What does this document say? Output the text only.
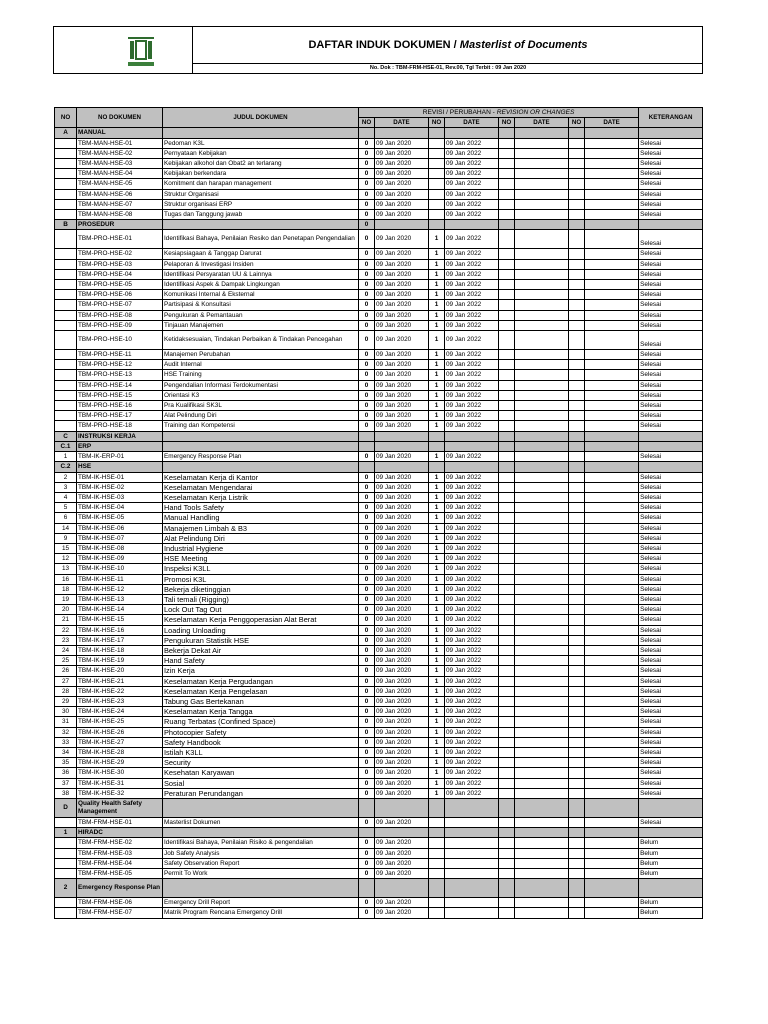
DAFTAR INDUK DOKUMEN / Masterlist of Documents
No. Dok : TBM-FRM-HSE-01, Rev.00, Tgl Terbit : 09 Jan 2020
NO	NO DOKUMEN	JUDUL DOKUMEN	REVISI / PERUBAHAN - REVISION OR CHANGES								KETERANGAN
			NO	DATE	NO	DATE	NO	DATE	NO	DATE	
A	MANUAL										
	TBM-MAN-HSE-01	Pedoman K3L	0	09 Jan 2020		09 Jan 2022					Selesai
	TBM-MAN-HSE-02	Pernyataan Kebijakan	0	09 Jan 2020		09 Jan 2022					Selesai
	TBM-MAN-HSE-03	Kebijakan alkohol dan Obat2 an terlarang	0	09 Jan 2020		09 Jan 2022					Selesai
	TBM-MAN-HSE-04	Kebijakan berkendara	0	09 Jan 2020		09 Jan 2022					Selesai
	TBM-MAN-HSE-05	Komitment dan harapan management	0	09 Jan 2020		09 Jan 2022					Selesai
	TBM-MAN-HSE-06	Struktur Organisasi	0	09 Jan 2020		09 Jan 2022					Selesai
	TBM-MAN-HSE-07	Struktur organisasi ERP	0	09 Jan 2020		09 Jan 2022					Selesai
	TBM-MAN-HSE-08	Tugas dan Tanggung jawab	0	09 Jan 2020		09 Jan 2022					Selesai
B	PROSEDUR		0								
	TBM-PRO-HSE-01	Identifikasi Bahaya, Penilaian Resiko dan Penetapan Pengendalian	0	09 Jan 2020	1	09 Jan 2022					Selesai
	TBM-PRO-HSE-02	Kesiapsiagaan & Tanggap Darurat	0	09 Jan 2020	1	09 Jan 2022					Selesai
	TBM-PRO-HSE-03	Pelaporan & Investigasi Insiden	0	09 Jan 2020	1	09 Jan 2022					Selesai
	TBM-PRO-HSE-04	Identifikasi Persyaratan UU & Lainnya	0	09 Jan 2020	1	09 Jan 2022					Selesai
	TBM-PRO-HSE-05	Identifikasi Aspek & Dampak Lingkungan	0	09 Jan 2020	1	09 Jan 2022					Selesai
	TBM-PRO-HSE-06	Komunikasi Internal & Eksternal	0	09 Jan 2020	1	09 Jan 2022					Selesai
	TBM-PRO-HSE-07	Partisipasi & Konsultasi	0	09 Jan 2020	1	09 Jan 2022					Selesai
	TBM-PRO-HSE-08	Pengukuran & Pemantauan	0	09 Jan 2020	1	09 Jan 2022					Selesai
	TBM-PRO-HSE-09	Tinjauan Manajemen	0	09 Jan 2020	1	09 Jan 2022					Selesai
	TBM-PRO-HSE-10	Ketidaksesuaian, Tindakan Perbaikan & Tindakan Pencegahan	0	09 Jan 2020	1	09 Jan 2022					Selesai
	TBM-PRO-HSE-11	Manajemen Perubahan	0	09 Jan 2020	1	09 Jan 2022					Selesai
	TBM-PRO-HSE-12	Audit Internal	0	09 Jan 2020	1	09 Jan 2022					Selesai
	TBM-PRO-HSE-13	HSE Training	0	09 Jan 2020	1	09 Jan 2022					Selesai
	TBM-PRO-HSE-14	Pengendalian Informasi Terdokumentasi	0	09 Jan 2020	1	09 Jan 2022					Selesai
	TBM-PRO-HSE-15	Orientasi K3	0	09 Jan 2020	1	09 Jan 2022					Selesai
	TBM-PRO-HSE-16	Pra Kualifikasi SK3L	0	09 Jan 2020	1	09 Jan 2022					Selesai
	TBM-PRO-HSE-17	Alat Pelindung Diri	0	09 Jan 2020	1	09 Jan 2022					Selesai
	TBM-PRO-HSE-18	Training dan Kompetensi	0	09 Jan 2020	1	09 Jan 2022					Selesai
C	INSTRUKSI KERJA										
C.1	ERP										
1	TBM-IK-ERP-01	Emergency Response Plan	0	09 Jan 2020	1	09 Jan 2022					Selesai
C.2	HSE										
2	TBM-IK-HSE-01	Keselamatan Kerja di Kantor	0	09 Jan 2020	1	09 Jan 2022					Selesai
3	TBM-IK-HSE-02	Keselamatan Mengendarai	0	09 Jan 2020	1	09 Jan 2022					Selesai
4	TBM-IK-HSE-03	Keselamatan Kerja Listrik	0	09 Jan 2020	1	09 Jan 2022					Selesai
5	TBM-IK-HSE-04	Hand Tools Safety	0	09 Jan 2020	1	09 Jan 2022					Selesai
6	TBM-IK-HSE-05	Manual Handling	0	09 Jan 2020	1	09 Jan 2022					Selesai
14	TBM-IK-HSE-06	Manajemen Limbah & B3	0	09 Jan 2020	1	09 Jan 2022					Selesai
9	TBM-IK-HSE-07	Alat Pelindung Diri	0	09 Jan 2020	1	09 Jan 2022					Selesai
15	TBM-IK-HSE-08	Industrial Hygiene	0	09 Jan 2020	1	09 Jan 2022					Selesai
12	TBM-IK-HSE-09	HSE Meeting	0	09 Jan 2020	1	09 Jan 2022					Selesai
13	TBM-IK-HSE-10	Inspeksi K3LL	0	09 Jan 2020	1	09 Jan 2022					Selesai
16	TBM-IK-HSE-11	Promosi K3L	0	09 Jan 2020	1	09 Jan 2022					Selesai
18	TBM-IK-HSE-12	Bekerja diketinggian	0	09 Jan 2020	1	09 Jan 2022					Selesai
19	TBM-IK-HSE-13	Tali temali (Rigging)	0	09 Jan 2020	1	09 Jan 2022					Selesai
20	TBM-IK-HSE-14	Lock Out Tag Out	0	09 Jan 2020	1	09 Jan 2022					Selesai
21	TBM-IK-HSE-15	Keselamatan Kerja Penggoperasian Alat Berat	0	09 Jan 2020	1	09 Jan 2022					Selesai
22	TBM-IK-HSE-16	Loading Unloading	0	09 Jan 2020	1	09 Jan 2022					Selesai
23	TBM-IK-HSE-17	Pengukuran Statistik HSE	0	09 Jan 2020	1	09 Jan 2022					Selesai
24	TBM-IK-HSE-18	Bekerja Dekat Air	0	09 Jan 2020	1	09 Jan 2022					Selesai
25	TBM-IK-HSE-19	Hand Safety	0	09 Jan 2020	1	09 Jan 2022					Selesai
26	TBM-IK-HSE-20	Izin Kerja	0	09 Jan 2020	1	09 Jan 2022					Selesai
27	TBM-IK-HSE-21	Keselamatan Kerja Pergudangan	0	09 Jan 2020	1	09 Jan 2022					Selesai
28	TBM-IK-HSE-22	Keselamatan Kerja Pengelasan	0	09 Jan 2020	1	09 Jan 2022					Selesai
29	TBM-IK-HSE-23	Tabung Gas Bertekanan	0	09 Jan 2020	1	09 Jan 2022					Selesai
30	TBM-IK-HSE-24	Keselamatan Kerja Tangga	0	09 Jan 2020	1	09 Jan 2022					Selesai
31	TBM-IK-HSE-25	Ruang Terbatas (Confined Space)	0	09 Jan 2020	1	09 Jan 2022					Selesai
32	TBM-IK-HSE-26	Photocopier Safety	0	09 Jan 2020	1	09 Jan 2022					Selesai
33	TBM-IK-HSE-27	Safety Handbook	0	09 Jan 2020	1	09 Jan 2022					Selesai
34	TBM-IK-HSE-28	Istilah K3LL	0	09 Jan 2020	1	09 Jan 2022					Selesai
35	TBM-IK-HSE-29	Security	0	09 Jan 2020	1	09 Jan 2022					Selesai
36	TBM-IK-HSE-30	Kesehatan Karyawan	0	09 Jan 2020	1	09 Jan 2022					Selesai
37	TBM-IK-HSE-31	Sosial	0	09 Jan 2020	1	09 Jan 2022					Selesai
38	TBM-IK-HSE-32	Peraturan Perundangan	0	09 Jan 2020	1	09 Jan 2022					Selesai
D	Quality Health Safety Management										
	TBM-FRM-HSE-01	Masterlist Dokumen	0	09 Jan 2020							Selesai
1	HIRADC										
	TBM-FRM-HSE-02	Identifikasi Bahaya, Penilaian Risiko & pengendalian	0	09 Jan 2020							Belum
	TBM-FRM-HSE-03	Job Safety Analysis	0	09 Jan 2020							Belum
	TBM-FRM-HSE-04	Safety Observation Report	0	09 Jan 2020							Belum
	TBM-FRM-HSE-05	Permit To Work	0	09 Jan 2020							Belum
2	Emergency Response Plan										
	TBM-FRM-HSE-06	Emergency Drill Report	0	09 Jan 2020							Belum
	TBM-FRM-HSE-07	Matrik Program Rencana Emergency Drill	0	09 Jan 2020							Belum
